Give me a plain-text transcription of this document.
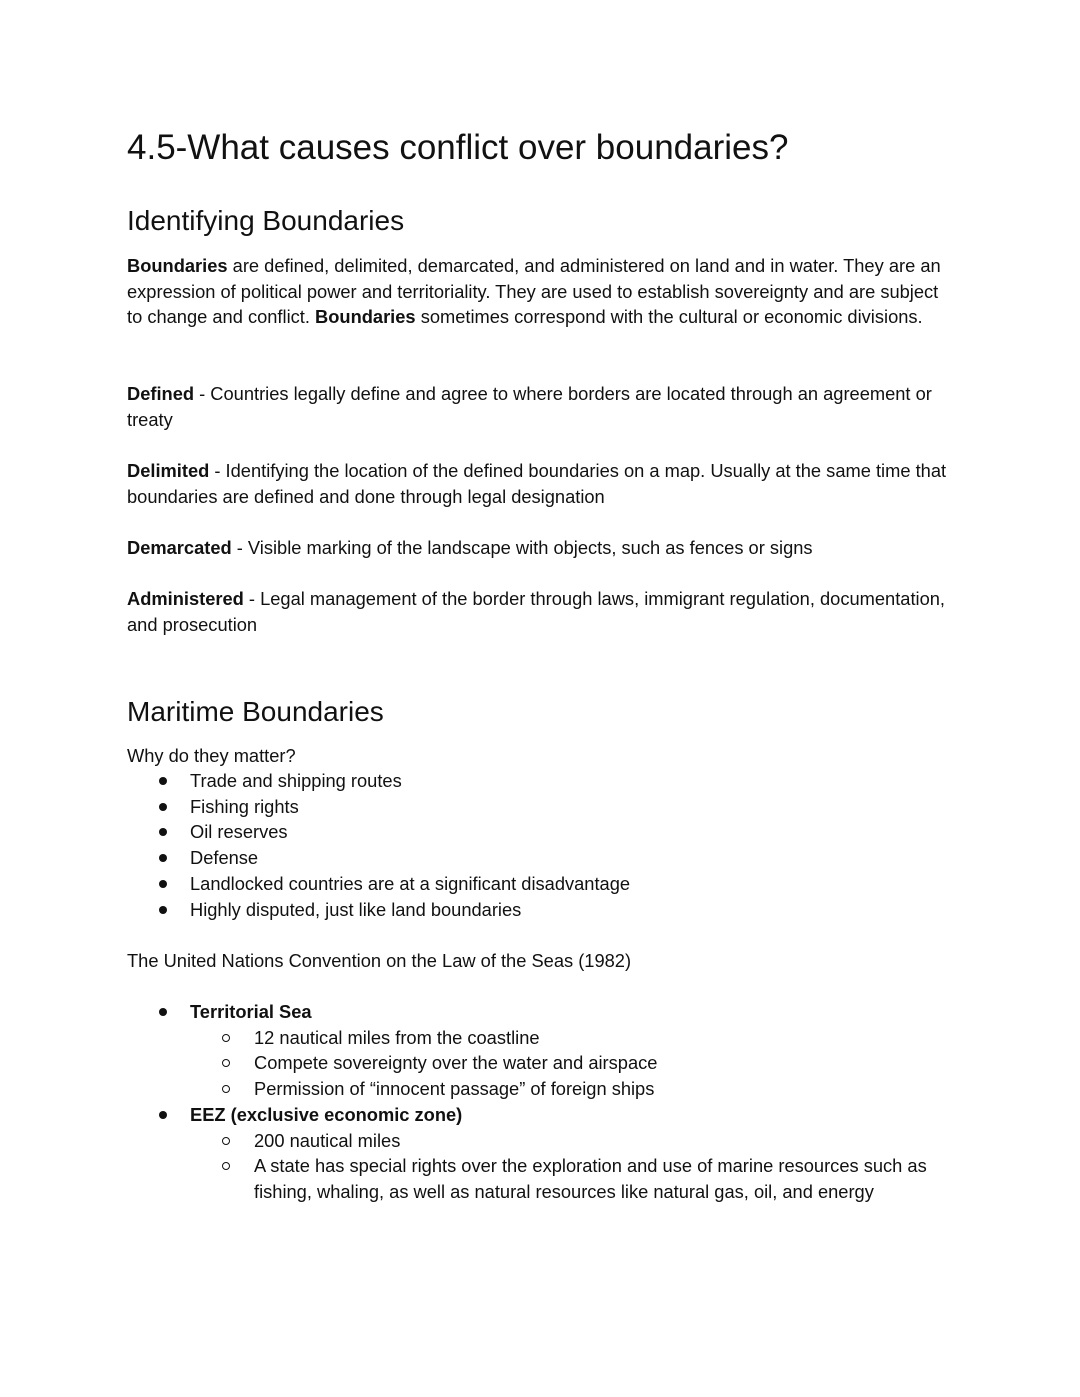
4.5-What causes conflict over boundaries?
Identifying Boundaries

Boundaries are defined, delimited, demarcated, and administered on land and in water. They are an expression of political power and territoriality. They are used to establish sovereignty and are subject to change and conflict. Boundaries sometimes correspond with the cultural or economic divisions.

Defined - Countries legally define and agree to where borders are located through an agreement or treaty

Delimited - Identifying the location of the defined boundaries on a map. Usually at the same time that boundaries are defined and done through legal designation

Demarcated - Visible marking of the landscape with objects, such as fences or signs

Administered - Legal management of the border through laws, immigrant regulation, documentation, and prosecution

Maritime Boundaries

Why do they matter?

Trade and shipping routes
Fishing rights
Oil reserves
Defense
Landlocked countries are at a significant disadvantage
Highly disputed, just like land boundaries

The United Nations Convention on the Law of the Seas (1982)

Territorial Sea
12 nautical miles from the coastline
Compete sovereignty over the water and airspace
Permission of “innocent passage” of foreign ships
EEZ (exclusive economic zone)
200 nautical miles
A state has special rights over the exploration and use of marine resources such as fishing, whaling, as well as natural resources like natural gas, oil, and energy
